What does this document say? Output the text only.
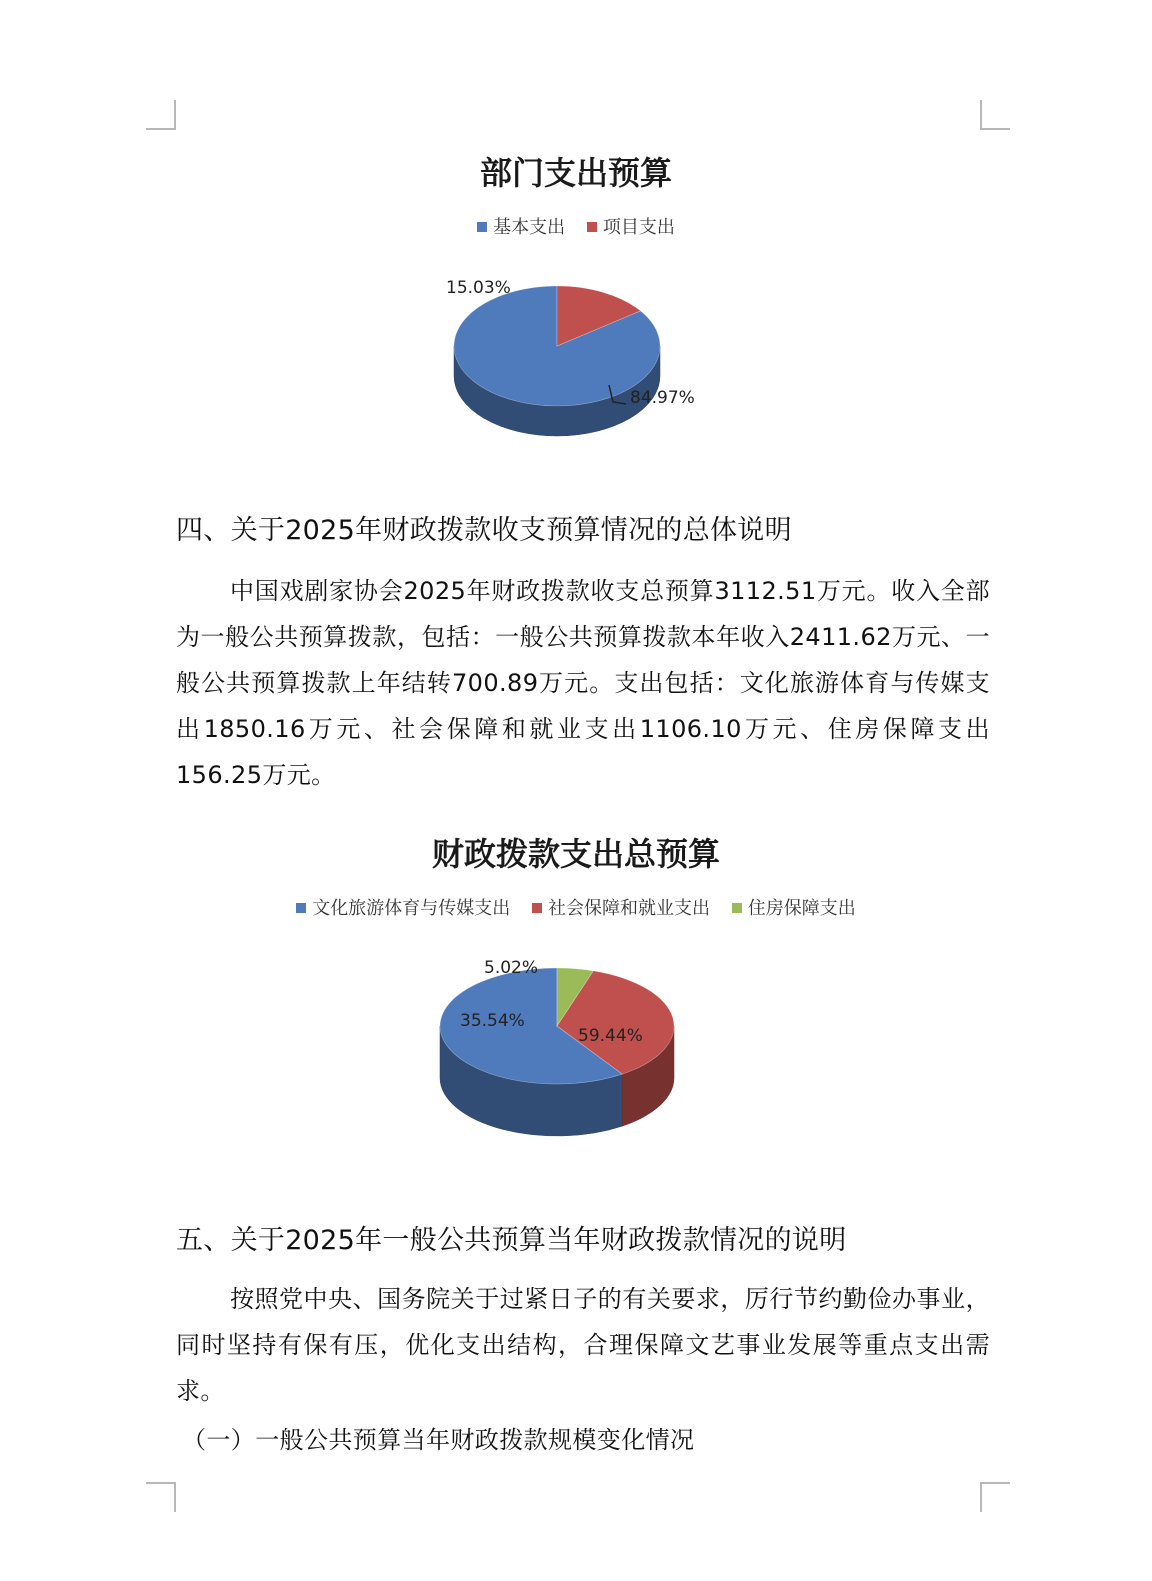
部门支出预算
基本支出 项目支出
84.97%
15.03%
四、关于2025年财政拨款收支预算情况的总体说明

中国戏剧家协会2025年财政拨款收支总预算3112.51万元。收入全部为一般公共预算拨款，包括：一般公共预算拨款本年收入2411.62万元、一般公共预算拨款上年结转700.89万元。支出包括：文化旅游体育与传媒支出1850.16万元、社会保障和就业支出1106.10万元、住房保障支出156.25万元。

财政拨款支出总预算
文化旅游体育与传媒支出 社会保障和就业支出 住房保障支出
59.44%
35.54%
5.02%
五、关于2025年一般公共预算当年财政拨款情况的说明

按照党中央、国务院关于过紧日子的有关要求，厉行节约勤俭办事业，同时坚持有保有压，优化支出结构，合理保障文艺事业发展等重点支出需求。

（一）一般公共预算当年财政拨款规模变化情况
